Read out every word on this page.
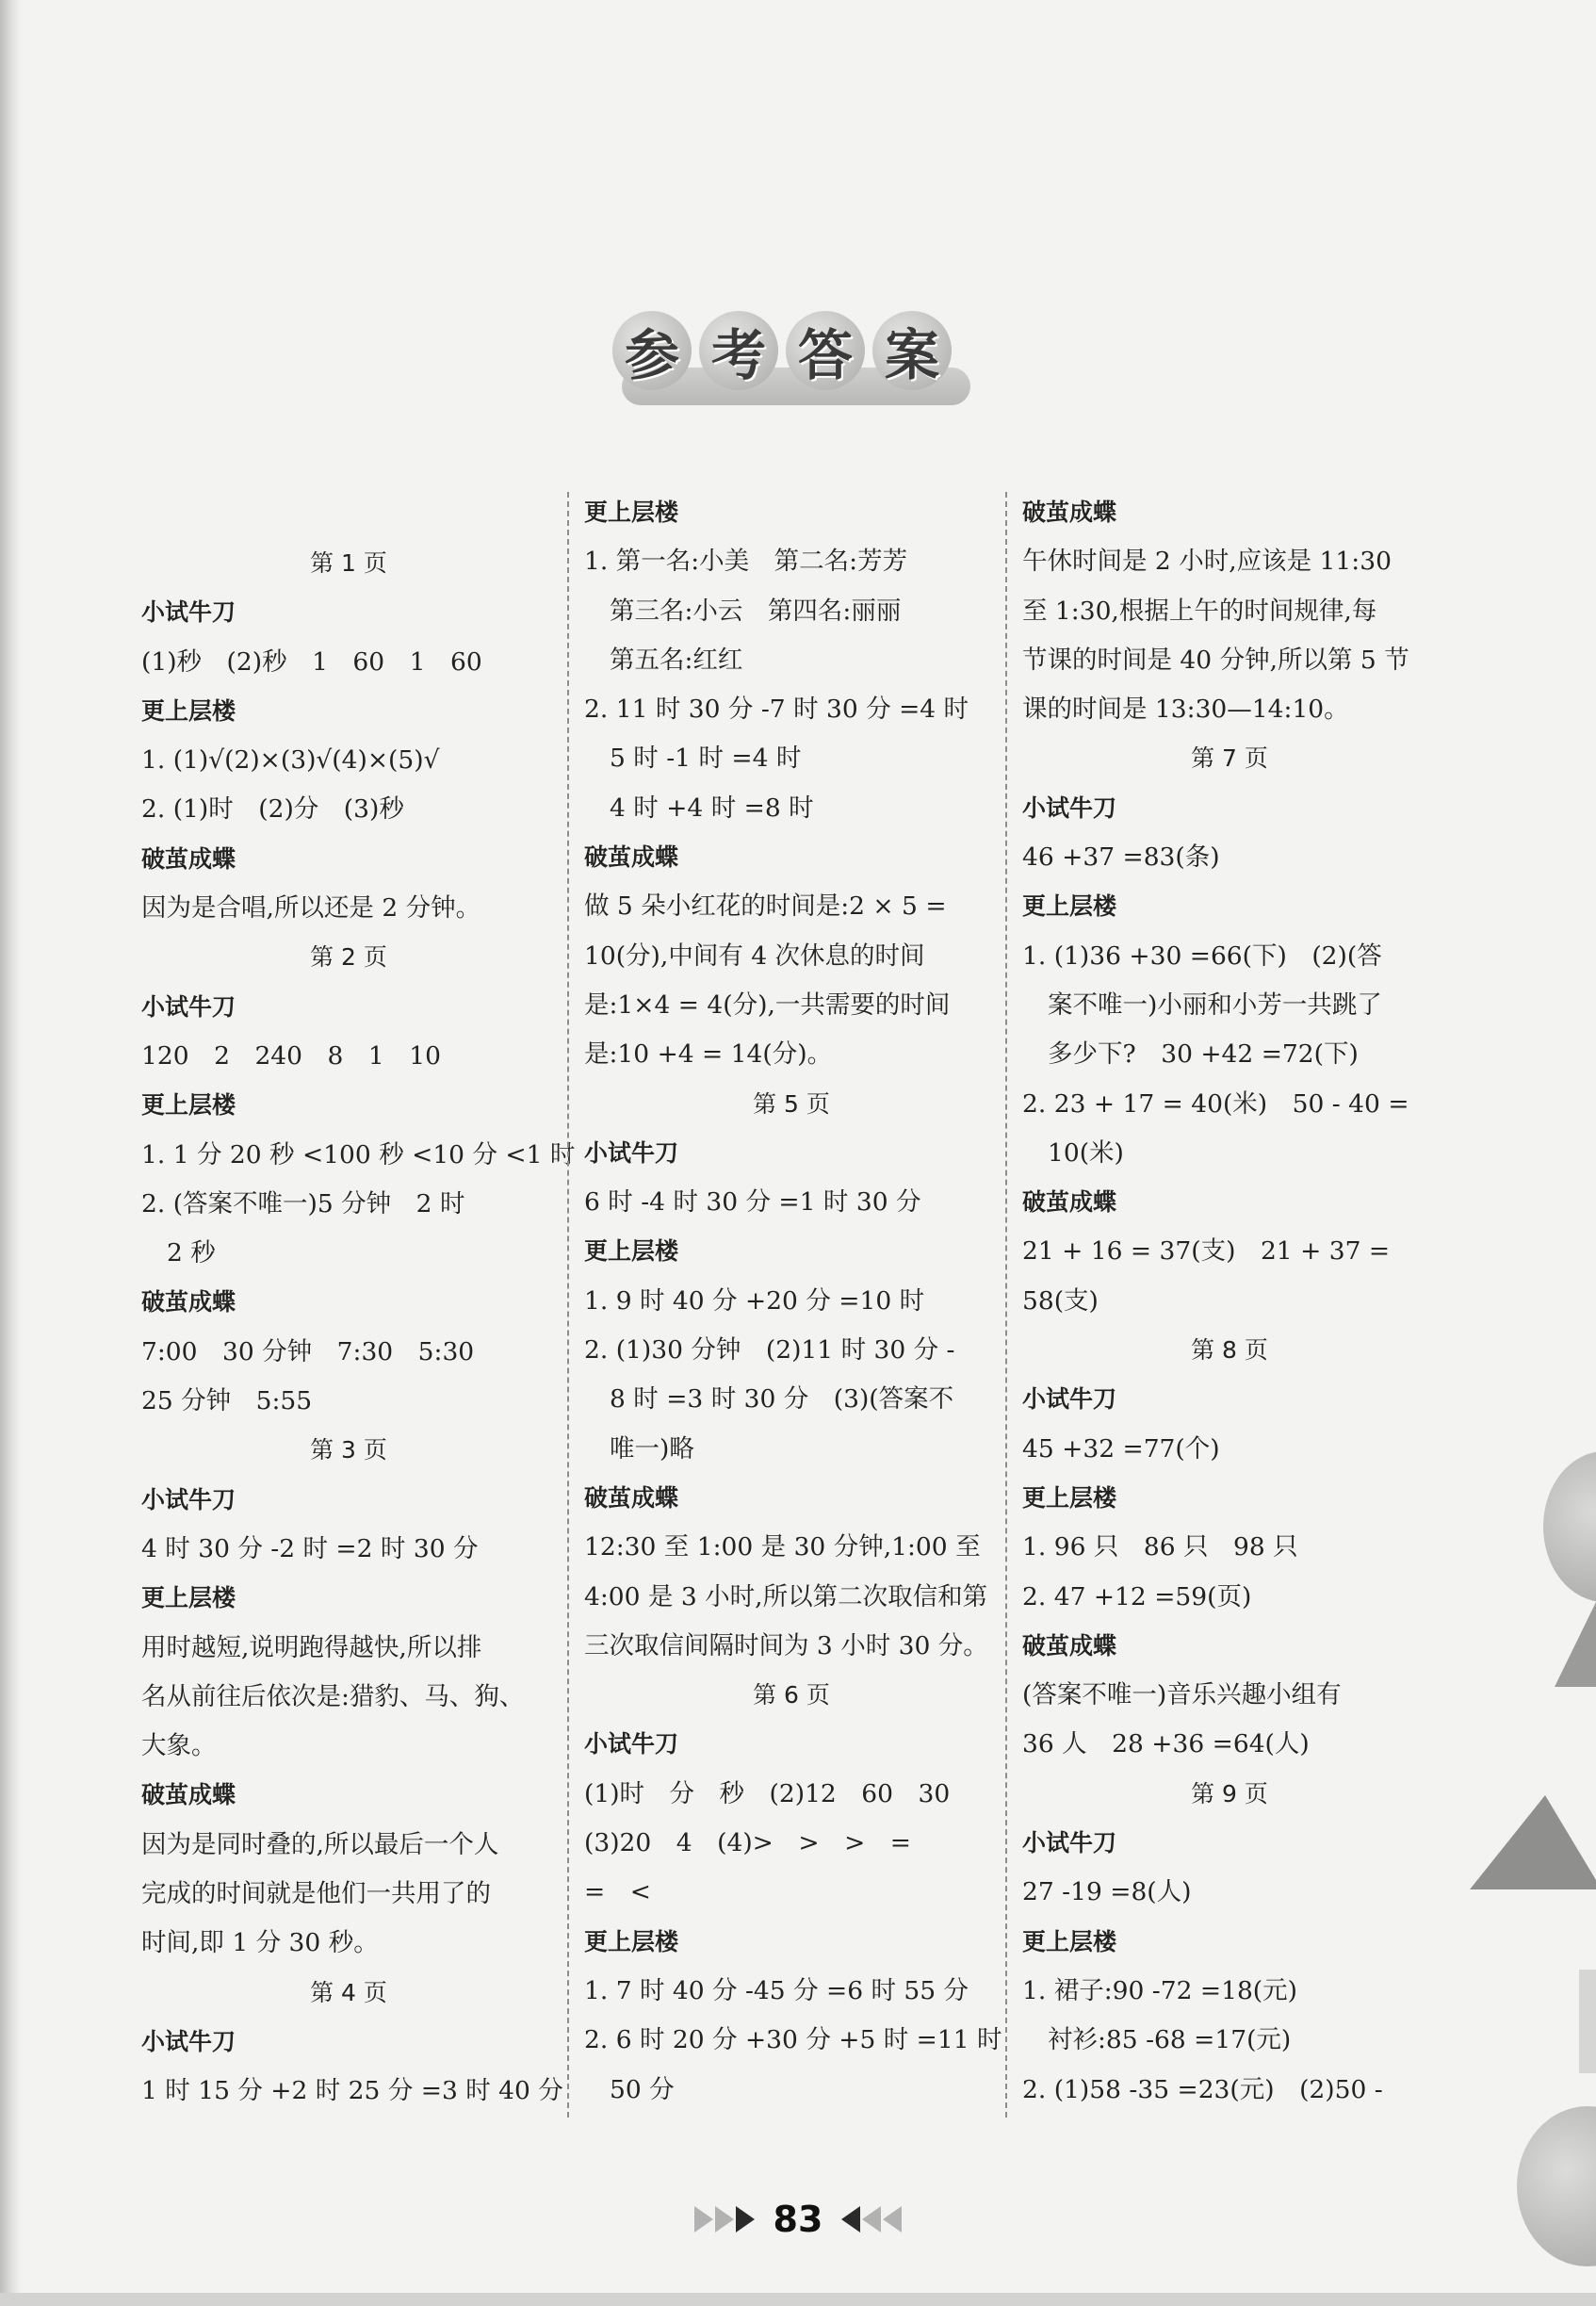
参 考 答 案
第 1 页
小试牛刀
(1)秒　(2)秒　1　60　1　60
更上层楼
1. (1)√(2)×(3)√(4)×(5)√
2. (1)时　(2)分　(3)秒
破茧成蝶
因为是合唱,所以还是 2 分钟。
第 2 页
小试牛刀
120　2　240　8　1　10
更上层楼
1. 1 分 20 秒 <100 秒 <10 分 <1 时
2. (答案不唯一)5 分钟　2 时
2 秒
破茧成蝶
7:00　30 分钟　7:30　5:30
25 分钟　5:55
第 3 页
小试牛刀
4 时 30 分 -2 时 =2 时 30 分
更上层楼
用时越短,说明跑得越快,所以排
名从前往后依次是:猎豹、马、狗、
大象。
破茧成蝶
因为是同时叠的,所以最后一个人
完成的时间就是他们一共用了的
时间,即 1 分 30 秒。
第 4 页
小试牛刀
1 时 15 分 +2 时 25 分 =3 时 40 分
更上层楼
1. 第一名:小美　第二名:芳芳
第三名:小云　第四名:丽丽
第五名:红红
2. 11 时 30 分 -7 时 30 分 =4 时
5 时 -1 时 =4 时
4 时 +4 时 =8 时
破茧成蝶
做 5 朵小红花的时间是:2 × 5 =
10(分),中间有 4 次休息的时间
是:1×4 = 4(分),一共需要的时间
是:10 +4 = 14(分)。
第 5 页
小试牛刀
6 时 -4 时 30 分 =1 时 30 分
更上层楼
1. 9 时 40 分 +20 分 =10 时
2. (1)30 分钟　(2)11 时 30 分 -
8 时 =3 时 30 分　(3)(答案不
唯一)略
破茧成蝶
12:30 至 1:00 是 30 分钟,1:00 至
4:00 是 3 小时,所以第二次取信和第
三次取信间隔时间为 3 小时 30 分。
第 6 页
小试牛刀
(1)时　分　秒　(2)12　60　30
(3)20　4　(4)>　>　>　=
=　<
更上层楼
1. 7 时 40 分 -45 分 =6 时 55 分
2. 6 时 20 分 +30 分 +5 时 =11 时
50 分
破茧成蝶
午休时间是 2 小时,应该是 11:30
至 1:30,根据上午的时间规律,每
节课的时间是 40 分钟,所以第 5 节
课的时间是 13:30—14:10。
第 7 页
小试牛刀
46 +37 =83(条)
更上层楼
1. (1)36 +30 =66(下)　(2)(答
案不唯一)小丽和小芳一共跳了
多少下?　30 +42 =72(下)
2. 23 + 17 = 40(米)　50 - 40 =
10(米)
破茧成蝶
21 + 16 = 37(支)　21 + 37 =
58(支)
第 8 页
小试牛刀
45 +32 =77(个)
更上层楼
1. 96 只　86 只　98 只
2. 47 +12 =59(页)
破茧成蝶
(答案不唯一)音乐兴趣小组有
36 人　28 +36 =64(人)
第 9 页
小试牛刀
27 -19 =8(人)
更上层楼
1. 裙子:90 -72 =18(元)
衬衫:85 -68 =17(元)
2. (1)58 -35 =23(元)　(2)50 -
83
